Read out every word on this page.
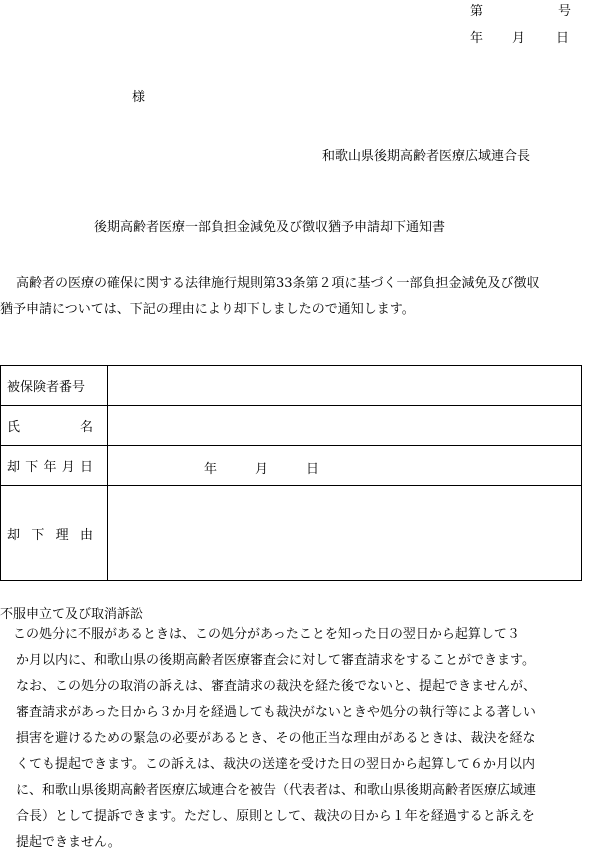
第	号
年 月 日
様
和歌山県後期高齢者医療広域連合長
後期高齢者医療一部負担金減免及び徴収猶予申請却下通知書
高齢者の医療の確保に関する法律施行規則第33条第２項に基づく一部負担金減免及び徴収
猶予申請については、下記の理由により却下しましたので通知します。
被保険者番号	

氏 名	

却 下 年 月 日	年 月 日

却 下 理 由	

不服申立て及び取消訴訟
　この処分に不服があるときは、この処分があったことを知った日の翌日から起算して３
か月以内に、和歌山県の後期高齢者医療審査会に対して審査請求をすることができます。
なお、この処分の取消の訴えは、審査請求の裁決を経た後でないと、提起できませんが、
審査請求があった日から３か月を経過しても裁決がないときや処分の執行等による著しい
損害を避けるための緊急の必要があるとき、その他正当な理由があるときは、裁決を経な
くても提起できます。この訴えは、裁決の送達を受けた日の翌日から起算して６か月以内
に、和歌山県後期高齢者医療広域連合を被告（代表者は、和歌山県後期高齢者医療広域連
合長）として提訴できます。ただし、原則として、裁決の日から１年を経過すると訴えを
提起できません。
